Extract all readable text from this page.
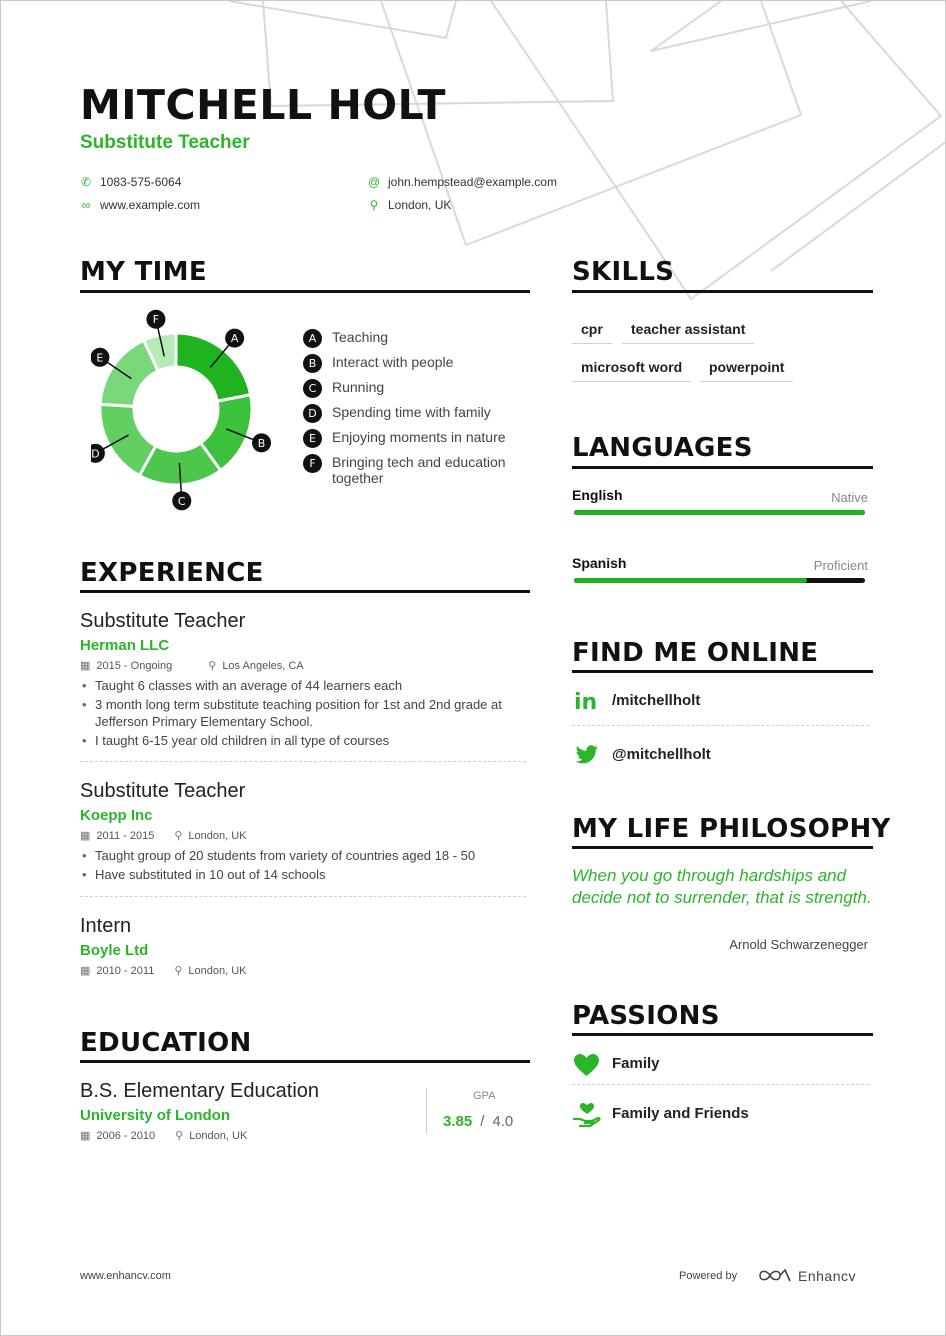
MITCHELL HOLT
Substitute Teacher
✆ 1083-575-6064
∞ www.example.com
@ john.hempstead@example.com
⚲ London, UK
MY TIME
A
B
C
D
E
F
A	Teaching
B	Interact with people
C	Running
D	Spending time with family
E	Enjoying moments in nature
F	Bringing tech and education together
EXPERIENCE
Substitute Teacher
Herman LLC
▦ 2015 - Ongoing	⚲ Los Angeles, CA
• Taught 6 classes with an average of 44 learners each
• 3 month long term substitute teaching position for 1st and 2nd grade at Jefferson Primary Elementary School.
• I taught 6-15 year old children in all type of courses
Substitute Teacher
Koepp Inc
▦ 2011 - 2015 ⚲ London, UK
• Taught group of 20 students from variety of countries aged 18 - 50
• Have substituted in 10 out of 14 schools
Intern
Boyle Ltd
▦ 2010 - 2011 ⚲ London, UK
EDUCATION
B.S. Elementary Education
University of London
▦ 2006 - 2010 ⚲ London, UK
GPA
3.85 / 4.0
SKILLS
cpr	teacher assistant
microsoft word	powerpoint
LANGUAGES
English	Native
Spanish	Proficient
FIND ME ONLINE
in /mitchellholt
@mitchellholt
MY LIFE PHILOSOPHY
When you go through hardships and decide not to surrender, that is strength.
Arnold Schwarzenegger
PASSIONS
Family
Family and Friends
www.enhancv.com	Powered by	Enhancv
